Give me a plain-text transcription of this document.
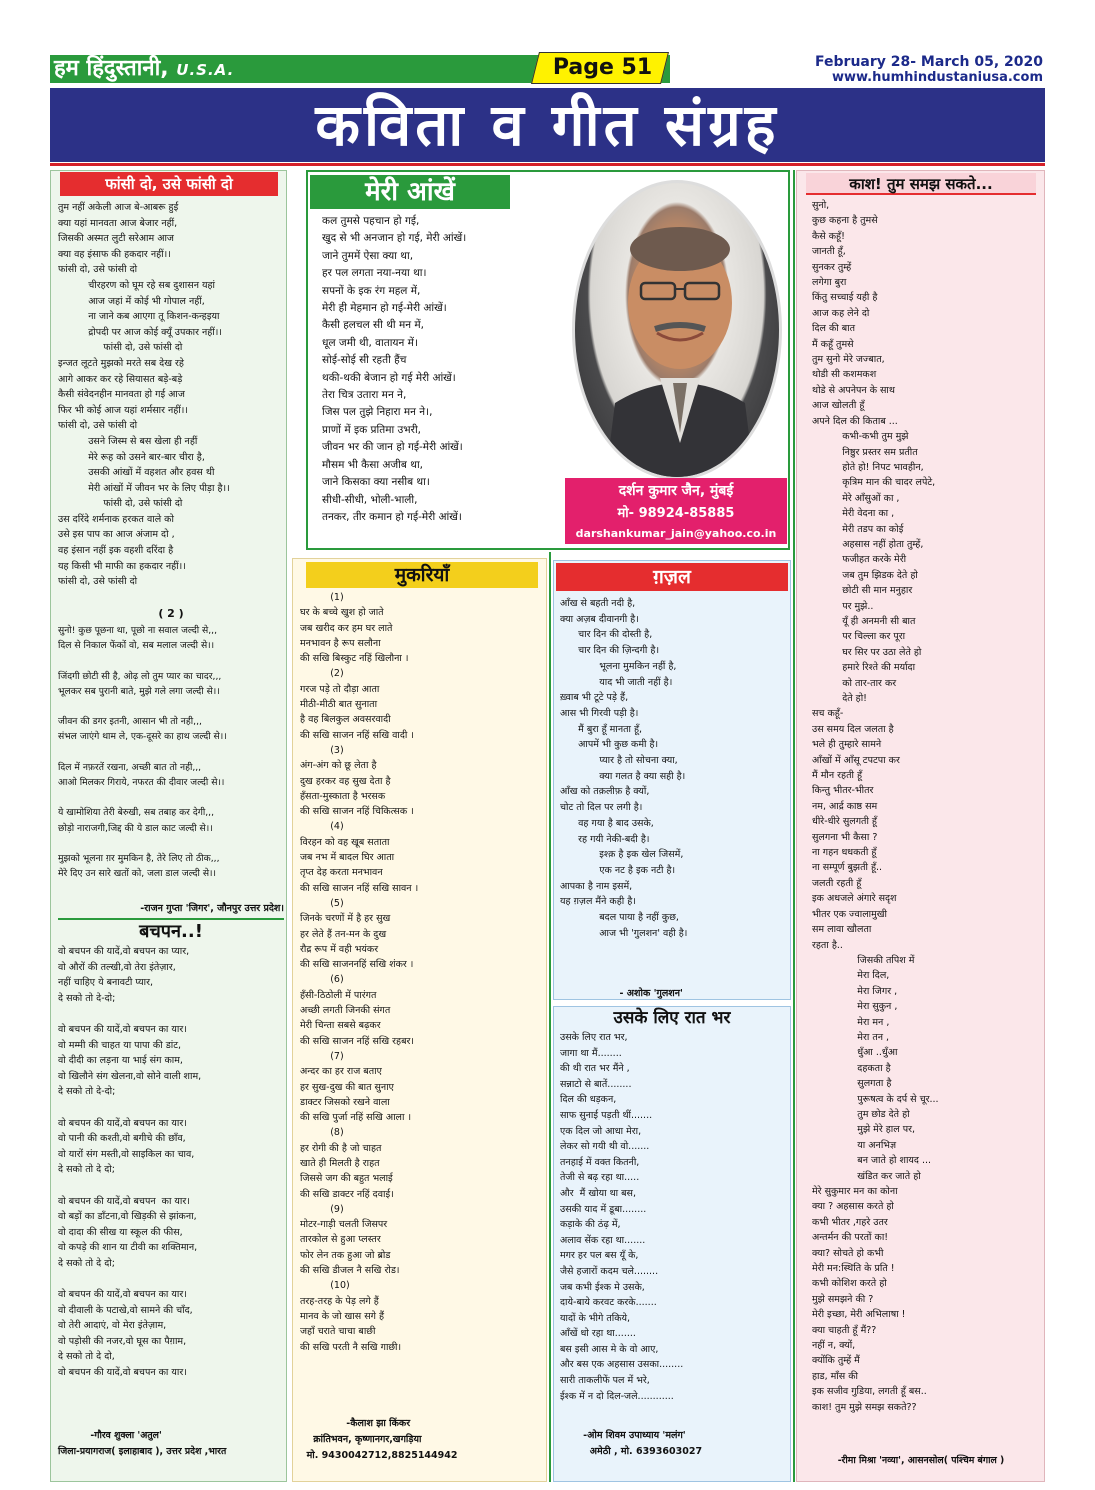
हम हिंदुस्तानी, U.S.A.	Page 51	February 28- March 05, 2020
www.humhindustaniusa.com
कविता व गीत संग्रह
फांसी दो, उसे फांसी दो
तुम नहीं अकेली आज बे-आबरू हुई
क्या यहां मानवता आज बेजार नहीं,
जिसकी अस्मत लुटी सरेआम आज
क्या वह इंसाफ की हकदार नहीं।।
फांसी दो, उसे फांसी दो
चीरहरण को घूम रहे सब दुशासन यहां
आज जहां में कोई भी गोपाल नहीं,
ना जाने कब आएगा तू किशन-कन्हइया
द्रोपदी पर आज कोई क्यूँ उपकार नहीं।।
फांसी दो, उसे फांसी दो
इन्जत लूटते मुझको मरते सब देख रहे
आगे आकर कर रहे सियासत बड़े-बड़े
कैसी संवेदनहीन मानवता हो गई आज
फिर भी कोई आज यहां शर्मसार नहीं।।
फांसी दो, उसे फांसी दो
उसने जिस्म से बस खेला ही नहीं
मेरे रूह को उसने बार-बार चीरा है,
उसकी आंखों में वहशत और हवस थी
मेरी आंखों में जीवन भर के लिए पीड़ा है।।
फांसी दो, उसे फांसी दो
उस दरिंदे शर्मनाक हरकत वाले को
उसे इस पाप का आज अंजाम दो ,
वह इंसान नहीं इक वहशी दरिंदा है
यह किसी भी माफी का हकदार नहीं।।
फांसी दो, उसे फांसी दो
( 2 )
सुनो! कुछ पूछना था, पूछो ना सवाल जल्दी से,,,
दिल से निकाल फेंकों वो, सब मलाल जल्दी से।।

जिंदगी छोटी सी है, ओढ़ लो तुम प्यार का चादर,,,
भूलकर सब पुरानी बाते, मुझे गले लगा जल्दी से।।

जीवन की डगर इतनी, आसान भी तो नही,,,
संभल जाएंगे थाम ले, एक-दूसरे का हाथ जल्दी से।।

दिल में नफ़रतें रखना, अच्छी बात तो नही,,,
आओ मिलकर गिराये, नफरत की दीवार जल्दी से।।

ये खामोशिया तेरी बेरुखी, सब तबाह कर देगी,,,
छोड़ो नाराजगी,जिद्द की ये डाल काट जल्दी से।।

मुझको भूलना ग़र मुमकिन है, तेरे लिए तो ठीक,,,
मेरे दिए उन सारे खतों को, जला डाल जल्दी से।।
-राजन गुप्ता 'जिगर', जौनपुर उत्तर प्रदेश।
बचपन..!
वो बचपन की यादें,वो बचपन का प्यार,
वो औरों की तल्खी,वो तेरा इंतेज़ार,
नहीं चाहिए ये बनावटी प्यार,
दे सको तो दे-दो;

वो बचपन की यादें,वो बचपन का यार।
वो मम्मी की चाहत या पापा की डांट,
वो दीदी का लड़ना या भाई संग काम,
वो खिलौने संग खेलना,वो सोने वाली शाम,
दे सको तो दे-दो;

वो बचपन की यादें,वो बचपन का यार।
वो पानी की कश्ती,वो बगीचे की छाँव,
वो यारों संग मस्ती,वो साइकिल का चाव,
दे सको तो दे दो;

वो बचपन की यादें,वो बचपन  का यार।
वो बड़ों का डाँटना,वो खिड़की से झांकना,
वो दादा की सीख या स्कूल की फीस,
वो कपड़े की शान या टीवी का शक्तिमान,
दे सको तो दे दो;

वो बचपन की यादें,वो बचपन का यार।
वो दीवाली के पटाखे,वो सामने की चाँद,
वो तेरी आदाएं, वो मेरा इंतेज़ाम,
वो पड़ोसी की नजर,वो घूस का पैग़ाम,
दे सको तो दे दो,
वो बचपन की यादें,वो बचपन का यार।
-गौरव शुक्ला 'अतुल'
जिला-प्रयागराज( इलाहाबाद ), उत्तर प्रदेश ,भारत
मेरी आंखें
कल तुमसे पहचान हो गई,
खुद से भी अनजान हो गई, मेरी आंखें।
जाने तुममें ऐसा क्या था,
हर पल लगता नया-नया था।
सपनों के इक रंग महल में,
मेरी ही मेहमान हो गई-मेरी आंखें।
कैसी हलचल सी थी मन में,
धूल जमी थी, वातायन में।
सोई-सोई सी रहती हैंच
थकी-थकी बेजान हो गई मेरी आंखें।
तेरा चित्र उतारा मन ने,
जिस पल तुझे निहारा मन ने।,
प्राणों में इक प्रतिमा उभरी,
जीवन भर की जान हो गई-मेरी आंखें।
मौसम भी कैसा अजीब था,
जाने किसका क्या नसीब था।
सीधी-सीधी, भोली-भाली,
तनकर, तीर कमान हो गई-मेरी आंखें।
दर्शन कुमार जैन, मुंबई
मो- 98924-85885
darshankumar_jain@yahoo.co.in
मुकरियाँ
(1)
घर के बच्चे खुश हो जाते
जब खरीद कर हम घर लाते
मनभावन है रूप सलौना
की सखि बिस्कुट नहिं खिलौना ।
(2)
गरज पड़े तो दौड़ा आता
मीठी-मीठी बात सुनाता
है वह बिलकुल अवसरवादी
की सखि साजन नहिं सखि वादी ।
(3)
अंग-अंग को छू लेता है
दुख हरकर वह सुख देता है
हँसता-मुस्काता है भरसक
की सखि साजन नहिं चिकित्सक ।
(4)
विरहन को वह खूब सताता
जब नभ में बादल घिर आता
तृप्त देह करता मनभावन
की सखि साजन नहिं सखि सावन ।
(5)
जिनके चरणों में है हर सुख
हर लेते हैं तन-मन के दुख
रौद्र रूप में वही भयंकर
की सखि साजननहिं सखि शंकर ।
(6)
हँसी-ठिठोली में पारंगत
अच्छी लगती जिनकी संगत
मेरी चिन्ता सबसे बढ़कर
की सखि साजन नहिं सखि रहबर।
(7)
अन्दर का हर राज बताए
हर सुख-दुख की बात सुनाए
डाक्टर जिसको रखने वाला
की सखि पुर्जा नहिं सखि आला ।
(8)
हर रोगी की है जो चाहत
खाते ही मिलती है राहत
जिससे जग की बहुत भलाई
की सखि डाक्टर नहिं दवाई।
(9)
मोटर-गाड़ी चलती जिसपर
तारकोल से हुआ प्लस्तर
फोर लेन तक हुआ जो ब्रोड
की सखि डीजल नै सखि रोड।
(10)
तरह-तरह के पेड़ लगे हैं
मानव के जो खास सगे हैं
जहाँ चराते चाचा बाछी
की सखि परती नै सखि गाछी।
-कैलाश झा किंकर
क्रांतिभवन, कृष्णानगर,खगड़िया
मो. 9430042712,8825144942
ग़ज़ल
आँख से बहती नदी है,
क्या अज़ब दीवानगी है।
चार दिन की दोस्ती है,
चार दिन की ज़िन्दगी है।
भूलना मुमकिन नहीं है,
याद भी जाती नहीं है।
ख़्वाब भी टूटे पड़े हैं,
आस भी गिरवी पड़ी है।
मैं बुरा हूँ मानता हूँ,
आपमें भी कुछ कमी है।
प्यार है तो सोचना क्या,
क्या गलत है क्या सही है।
आँख को तक़लीफ़ है क्यों,
चोट तो दिल पर लगी है।
वह गया है बाद उसके,
रह गयी नेकी-बदी है।
इश्क़ है इक खेल जिसमें,
एक नट है इक नटी है।
आपका है नाम इसमें,
यह ग़ज़ल मैंने कही है।
बदल पाया है नहीं कुछ,
आज भी 'गुलशन' वही है।
- अशोक 'गुलशन'
उसके लिए रात भर
उसके लिए रात भर,
जागा था मैं........
की थी रात भर मैंने ,
सन्नाटो से बातें........
दिल की धड़कन,
साफ सुनाई पड़ती थीं.......
एक दिल जो आधा मेरा,
लेकर सो गयी थी वो.......
तनहाई में वक्त कितनी,
तेजी से बढ़ रहा था.....
और  मैं खोया था बस,
उसकी याद में डूबा........
कड़ाके की ठंढ़ में,
अलाव सेंक रहा था.......
मगर हर पल बस यूँ के,
जैसे हजारों कदम चले........
जब कभी ईश्क मे उसके,
दाये-बाये करवट करके.......
यादों के भीगे तकिये,
आँखें धो रहा था.......
बस इसी आस मे के वो आए,
और बस एक अहसास उसका........
सारी ताकलीफें पल में भरे,
ईश्क में न दो दिल-जले............
-ओम शिवम उपाध्याय 'मलंग'
अमेठी , मो. 6393603027
काश! तुम समझ सकते...
सुनो,
कुछ कहना है तुमसे
कैसे कहूँ!
जानती हूँ,
सुनकर तुम्हें
लगेगा बुरा
किंतु सच्चाई यही है
आज कह लेने दो
दिल की बात
मैं कहूँ तुमसे
तुम सुनो मेरे जज्बात,
थोडी सी कशमकश
थोडे से अपनेपन के साथ
आज खोलती हूँ
अपने दिल की किताब ...
कभी-कभी तुम मुझे
निष्ठुर प्रस्तर सम प्रतीत
होते हो! निपट भावहीन,
कृत्रिम मान की चादर लपेटे,
मेरे आँसुओं का ,
मेरी वेदना का ,
मेरी तडप का कोई
अहसास नहीं होता तुम्हें,
फजीहत करके मेरी
जब तुम झिडक देते हो
छोटी सी मान मनुहार
पर मुझे..
यूँ ही अनमनी सी बात
पर चिल्ला कर पूरा
घर सिर पर उठा लेते हो
हमारे रिश्ते की मर्यादा
को तार-तार कर
देते हो!
सच कहूँ-
उस समय दिल जलता है
भले ही तुम्हारे सामने
आँखों में आँसू टपटपा कर
मैं मौन रहती हूँ
किन्तु भीतर-भीतर
नम, आर्द्र काष्ठ सम
धीरे-धीरे सुलगती हूँ
सुलगना भी कैसा ?
ना गहन धधकती हूँ
ना सम्पूर्ण बुझती हूँ..
जलती रहती हूँ
इक अधजले अंगारे सदृश
भीतर एक ज्वालामुखी
सम लावा खौलता
रहता है..
जिसकी तपिश में
मेरा दिल,
मेरा जिगर ,
मेरा सुकुन ,
मेरा मन ,
मेरा तन ,
धुँआ ..धुँआ
दहकता है
सुलगता है
पुरूषत्व के दर्प से चूर...
तुम छोड देते हो
मुझे मेरे हाल पर,
या अनभिज्ञ
बन जाते हो शायद ...
खंडित कर जाते हो
मेरे सुकुमार मन का कोना
क्या ? अहसास करते हो
कभी भीतर ,गहरे उतर
अन्तर्मन की परतों का!
क्या? सोचते हो कभी
मेरी मन:स्थिति के प्रति !
कभी कोशिश करते हो
मुझे समझने की ?
मेरी इच्छा, मेरी अभिलाषा !
क्या चाहती हूँ मैं??
नहीं न, क्यों,
क्योंकि तुम्हें मैं
हाड, माँस की
इक सजीव गुडिया, लगती हूँ बस..
काश! तुम मुझे समझ सकते??
-रीमा मिश्रा 'नव्या', आसनसोल( पश्चिम बंगाल )
